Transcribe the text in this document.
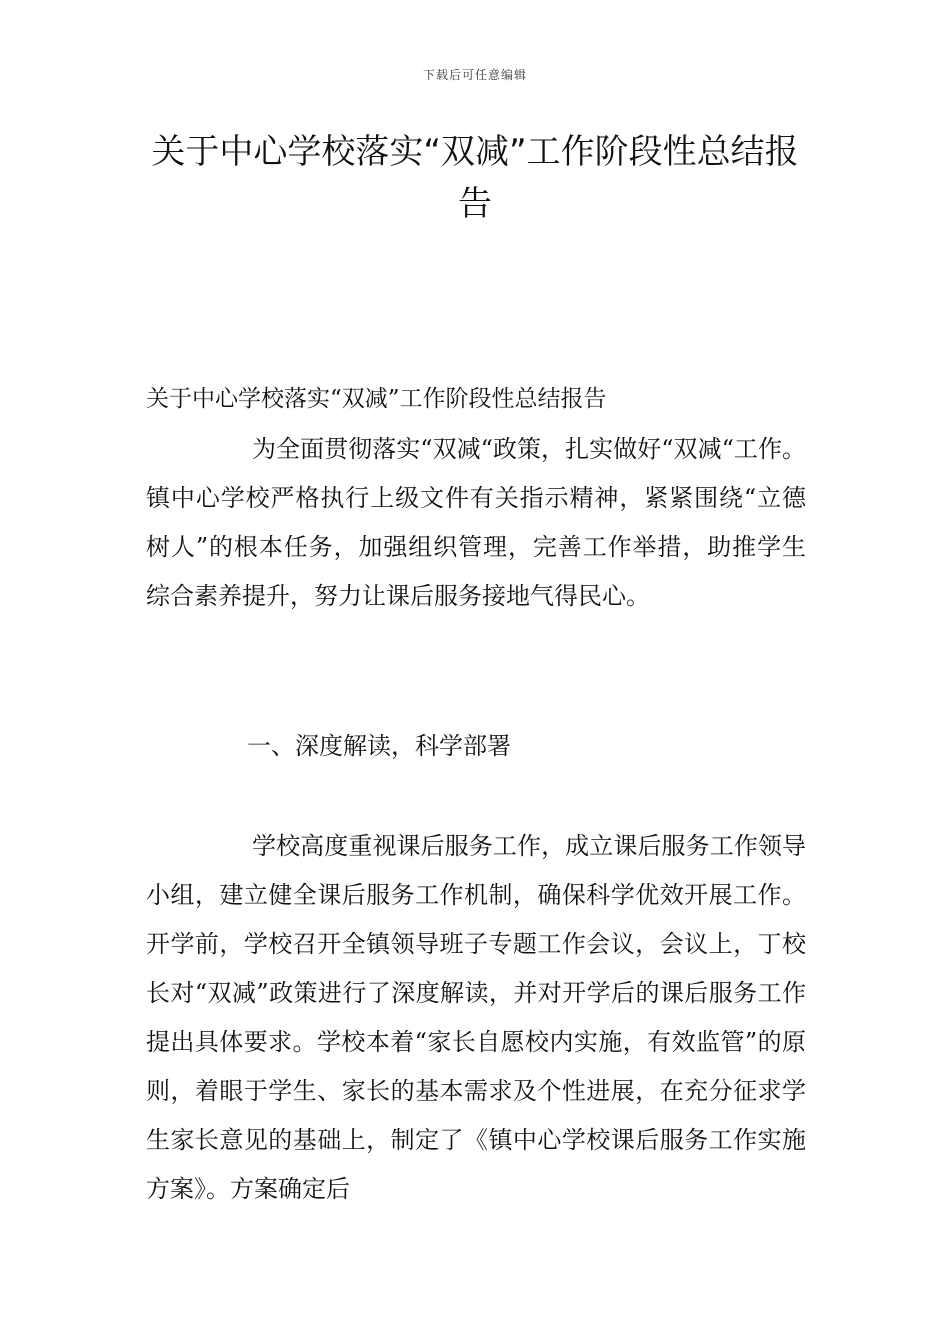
下载后可任意编辑
关于中心学校落实“双减”工作阶段性总结报告

关于中心学校落实“双减”工作阶段性总结报告

为全面贯彻落实“双减“政策，扎实做好“双减“工作。镇中心学校严格执行上级文件有关指示精神，紧紧围绕“立德树人”的根本任务，加强组织管理，完善工作举措，助推学生综合素养提升，努力让课后服务接地气得民心。

一、深度解读，科学部署

学校高度重视课后服务工作，成立课后服务工作领导小组，建立健全课后服务工作机制，确保科学优效开展工作。开学前，学校召开全镇领导班子专题工作会议，会议上，丁校长对“双减”政策进行了深度解读，并对开学后的课后服务工作提出具体要求。学校本着“家长自愿校内实施，有效监管”的原则，着眼于学生、家长的基本需求及个性进展，在充分征求学生家长意见的基础上，制定了《镇中心学校课后服务工作实施方案》。方案确定后
